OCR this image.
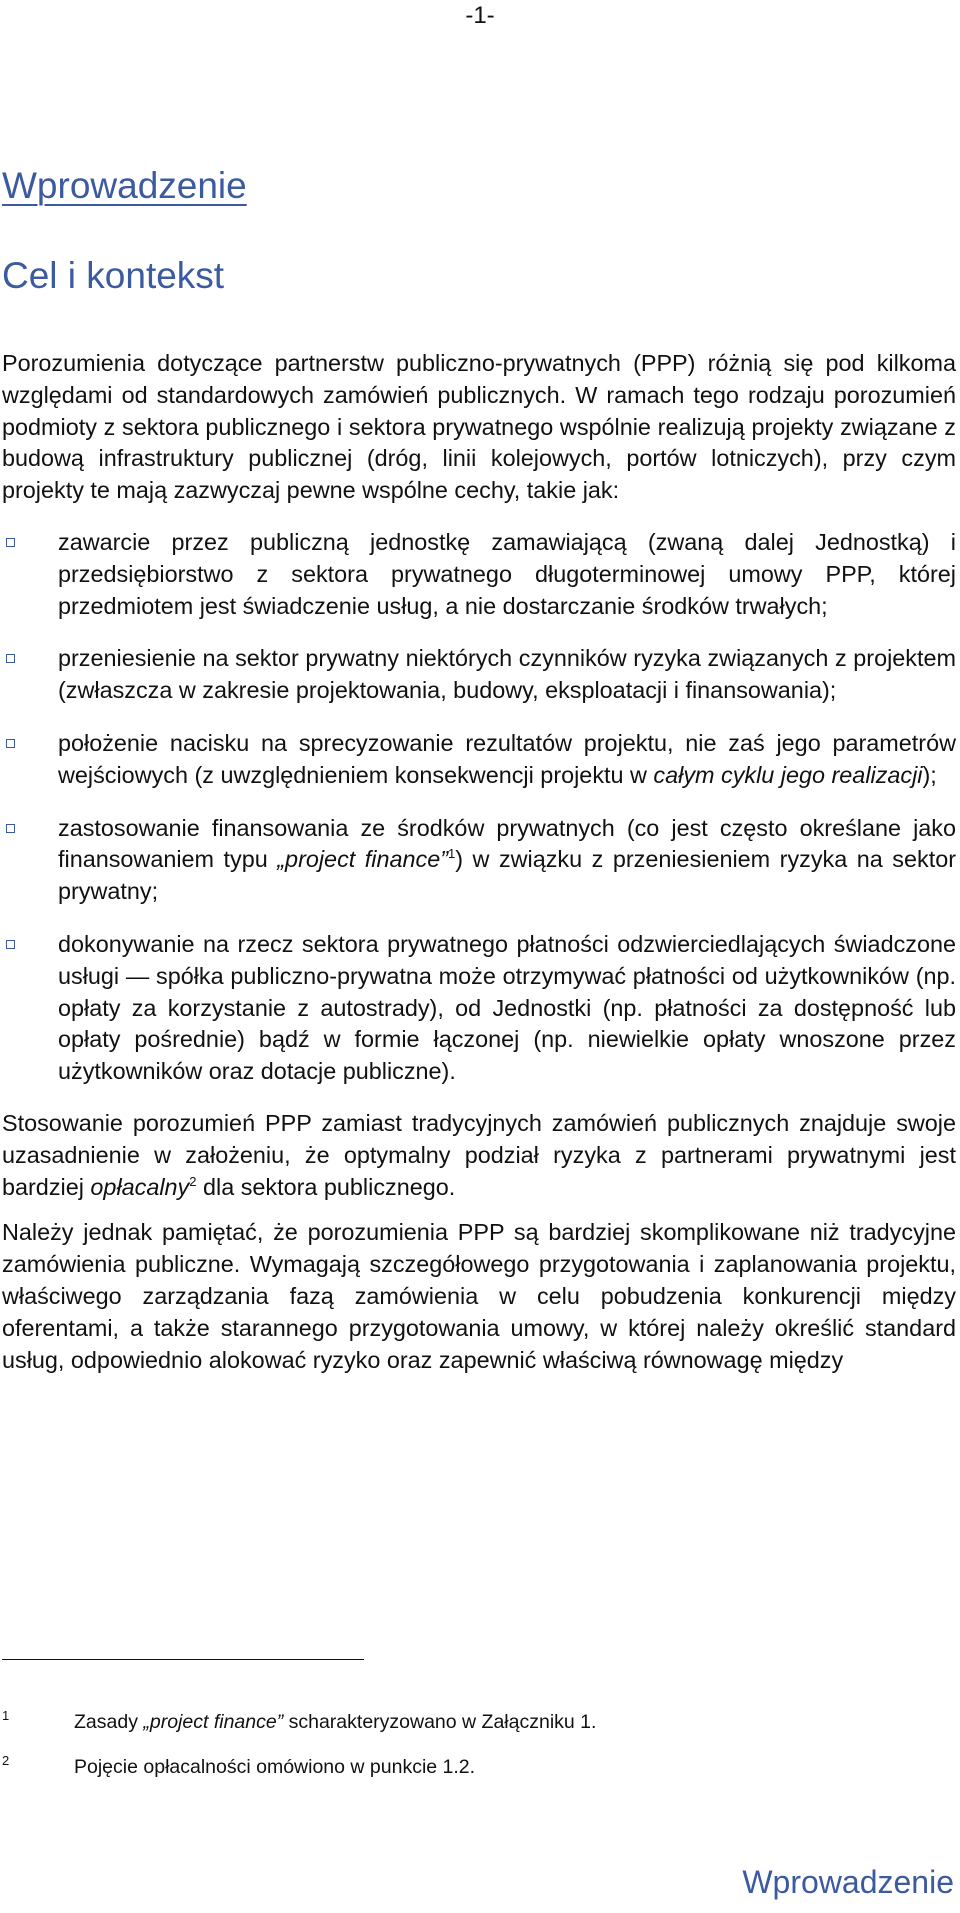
-1-
Wprowadzenie
Cel i kontekst

Porozumienia dotyczące partnerstw publiczno-prywatnych (PPP) różnią się pod kilkoma względami od standardowych zamówień publicznych. W ramach tego rodzaju porozumień podmioty z sektora publicznego i sektora prywatnego wspólnie realizują projekty związane z budową infrastruktury publicznej (dróg, linii kolejowych, portów lotniczych), przy czym projekty te mają zazwyczaj pewne wspólne cechy, takie jak:

zawarcie przez publiczną jednostkę zamawiającą (zwaną dalej Jednostką) i przedsiębiorstwo z sektora prywatnego długoterminowej umowy PPP, której przedmiotem jest świadczenie usług, a nie dostarczanie środków trwałych;
przeniesienie na sektor prywatny niektórych czynników ryzyka związanych z projektem (zwłaszcza w zakresie projektowania, budowy, eksploatacji i finansowania);
położenie nacisku na sprecyzowanie rezultatów projektu, nie zaś jego parametrów wejściowych (z uwzględnieniem konsekwencji projektu w całym cyklu jego realizacji);
zastosowanie finansowania ze środków prywatnych (co jest często określane jako finansowaniem typu „project finance”$^1$) w związku z przeniesieniem ryzyka na sektor prywatny;
dokonywanie na rzecz sektora prywatnego płatności odzwierciedlających świadczone usługi — spółka publiczno-prywatna może otrzymywać płatności od użytkowników (np. opłaty za korzystanie z autostrady), od Jednostki (np. płatności za dostępność lub opłaty pośrednie) bądź w formie łączonej (np. niewielkie opłaty wnoszone przez użytkowników oraz dotacje publiczne).

Stosowanie porozumień PPP zamiast tradycyjnych zamówień publicznych znajduje swoje uzasadnienie w założeniu, że optymalny podział ryzyka z partnerami prywatnymi jest bardziej opłacalny$^2$ dla sektora publicznego.

Należy jednak pamiętać, że porozumienia PPP są bardziej skomplikowane niż tradycyjne zamówienia publiczne. Wymagają szczegółowego przygotowania i zaplanowania projektu, właściwego zarządzania fazą zamówienia w celu pobudzenia konkurencji między oferentami, a także starannego przygotowania umowy, w której należy określić standard usług, odpowiednio alokować ryzyko oraz zapewnić właściwą równowagę między

1	Zasady „project finance” scharakteryzowano w Załączniku 1.
2	Pojęcie opłacalności omówiono w punkcie 1.2.
Wprowadzenie
